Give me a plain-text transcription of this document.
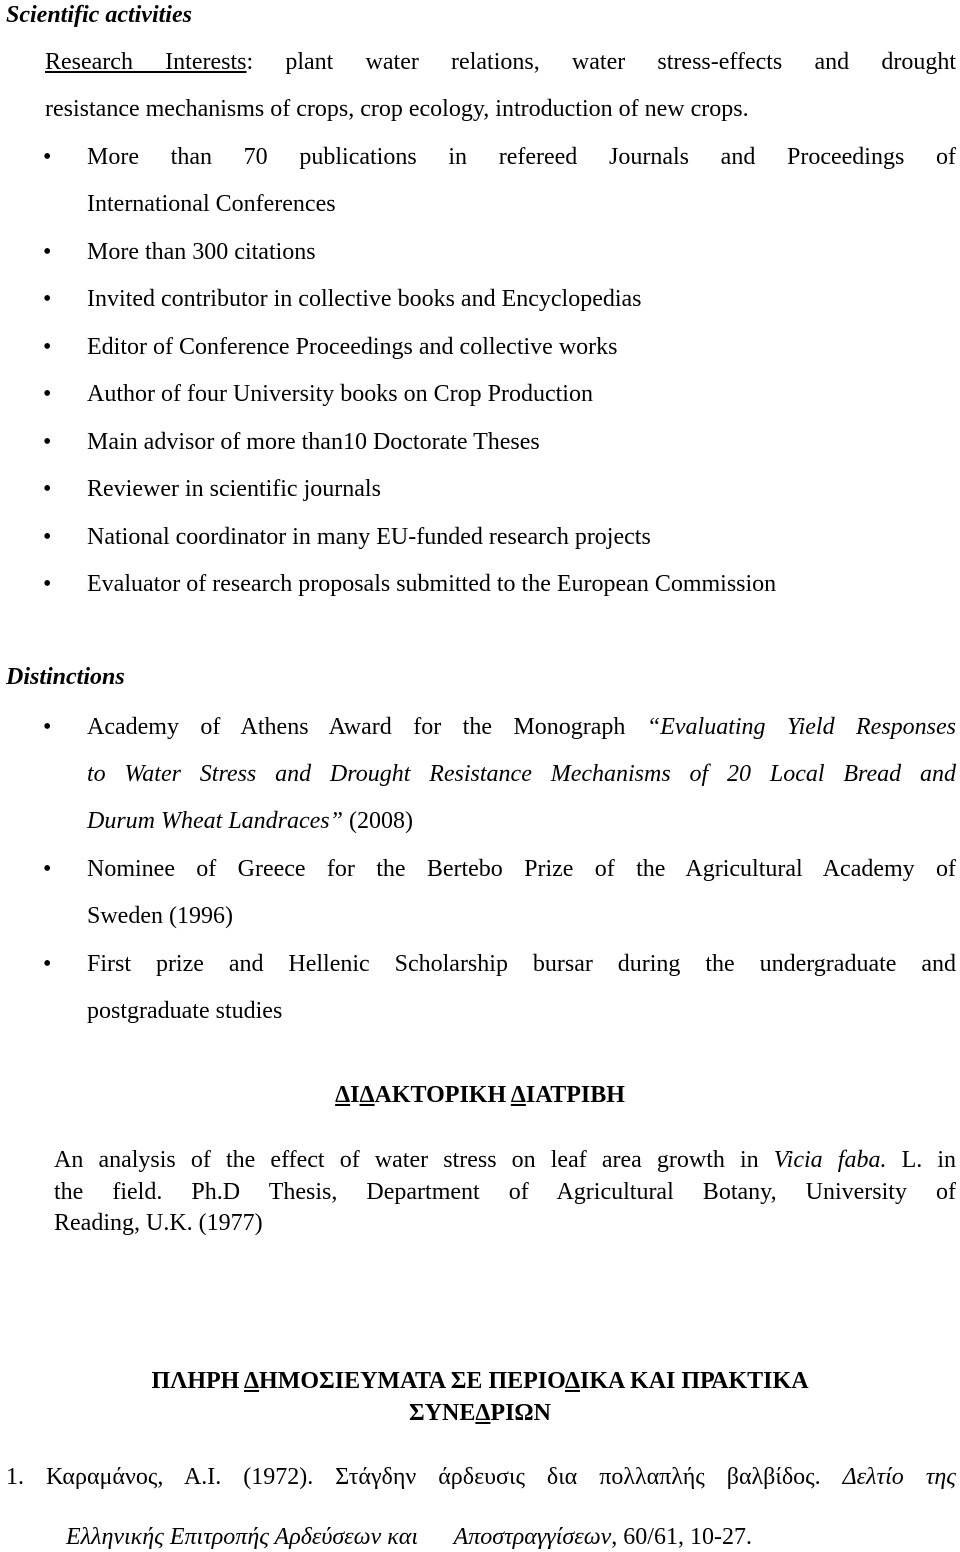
Scientific activities
Research Interests: plant water relations, water stress-effects and drought
resistance mechanisms of crops, crop ecology, introduction of new crops.
• More than 70 publications in refereed Journals and Proceedings of
International Conferences
• More than 300 citations
• Invited contributor in collective books and Encyclopedias
• Editor of Conference Proceedings and collective works
• Author of four University books on Crop Production
• Main advisor of more than10 Doctorate Theses
• Reviewer in scientific journals
• National coordinator in many EU-funded research projects
• Evaluator of research proposals submitted to the European Commission
Distinctions
• Academy of Athens Award for the Monograph “Evaluating Yield Responses
to Water Stress and Drought Resistance Mechanisms of 20 Local Bread and
Durum Wheat Landraces” (2008)
• Nominee of Greece for the Bertebo Prize of the Agricultural Academy of
Sweden (1996)
• First prize and Hellenic Scholarship bursar during the undergraduate and
postgraduate studies
ΔΙΔΑΚΤΟΡΙΚΗ ΔΙΑΤΡΙΒΗ
An analysis of the effect of water stress on leaf area growth in Vicia faba. L. in
the field. Ph.D Thesis, Department of Agricultural Botany, University of
Reading, U.K. (1977)
ΠΛΗΡΗ ΔΗΜΟΣΙΕΥΜΑΤΑ ΣΕ ΠΕΡΙΟΔΙΚΑ ΚΑΙ ΠΡΑΚΤΙΚΑ
ΣΥΝΕΔΡΙΩΝ
1. Καραμάνος, Α.Ι. (1972). Στάγδην άρδευσις δια πολλαπλής βαλβίδος. Δελτίο της

Ελληνικής Επιτροπής Αρδεύσεων και      Αποστραγγίσεων, 60/61, 10-27.
